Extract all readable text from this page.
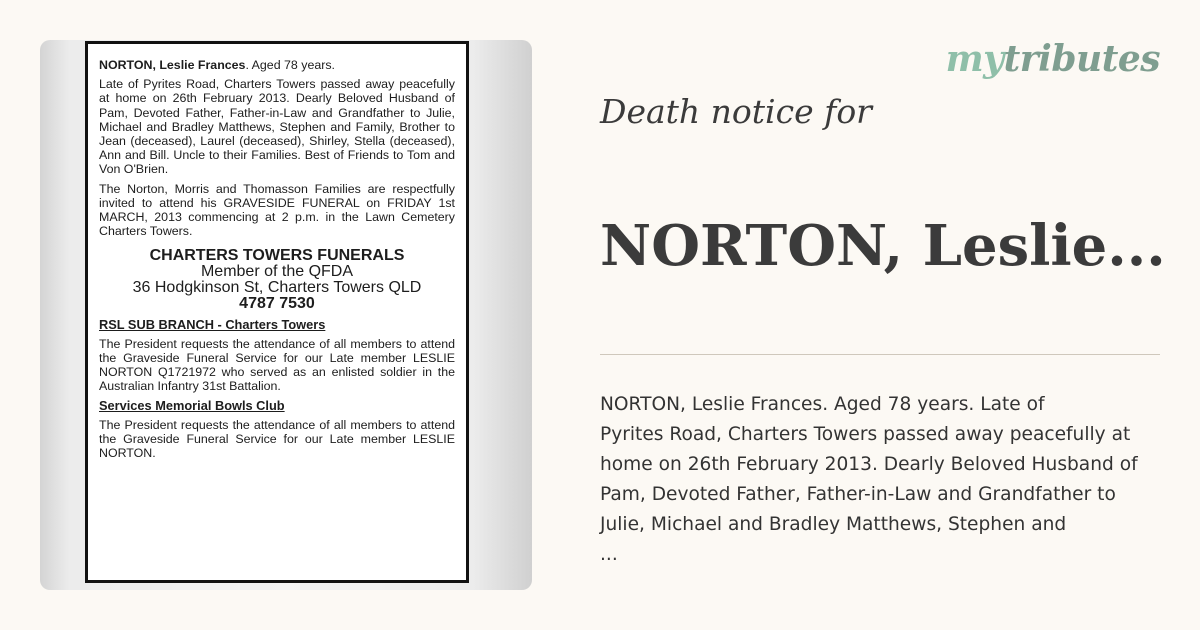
NORTON, Leslie Frances. Aged 78 years.

Late of Pyrites Road, Charters Towers passed away peacefully at home on 26th February 2013. Dearly Beloved Husband of Pam, Devoted Father, Father-in-Law and Grandfather to Julie, Michael and Bradley Matthews, Stephen and Family, Brother to Jean (deceased), Laurel (deceased), Shirley, Stella (deceased), Ann and Bill. Uncle to their Families. Best of Friends to Tom and Von O'Brien.

The Norton, Morris and Thomasson Families are respectfully invited to attend his GRAVESIDE FUNERAL on FRIDAY 1st MARCH, 2013 commencing at 2 p.m. in the Lawn Cemetery Charters Towers.

CHARTERS TOWERS FUNERALS
Member of the QFDA
36 Hodgkinson St, Charters Towers QLD
4787 7530
RSL SUB BRANCH - Charters Towers

The President requests the attendance of all members to attend the Graveside Funeral Service for our Late member LESLIE NORTON Q1721972 who served as an enlisted soldier in the Australian Infantry 31st Battalion.

Services Memorial Bowls Club

The President requests the attendance of all members to attend the Graveside Funeral Service for our Late member LESLIE NORTON.

mytributes
Death notice for
NORTON, Leslie...
NORTON, Leslie Frances. Aged 78 years. Late of
Pyrites Road, Charters Towers passed away peacefully at
home on 26th February 2013. Dearly Beloved Husband of
Pam, Devoted Father, Father-in-Law and Grandfather to
Julie, Michael and Bradley Matthews, Stephen and
...
